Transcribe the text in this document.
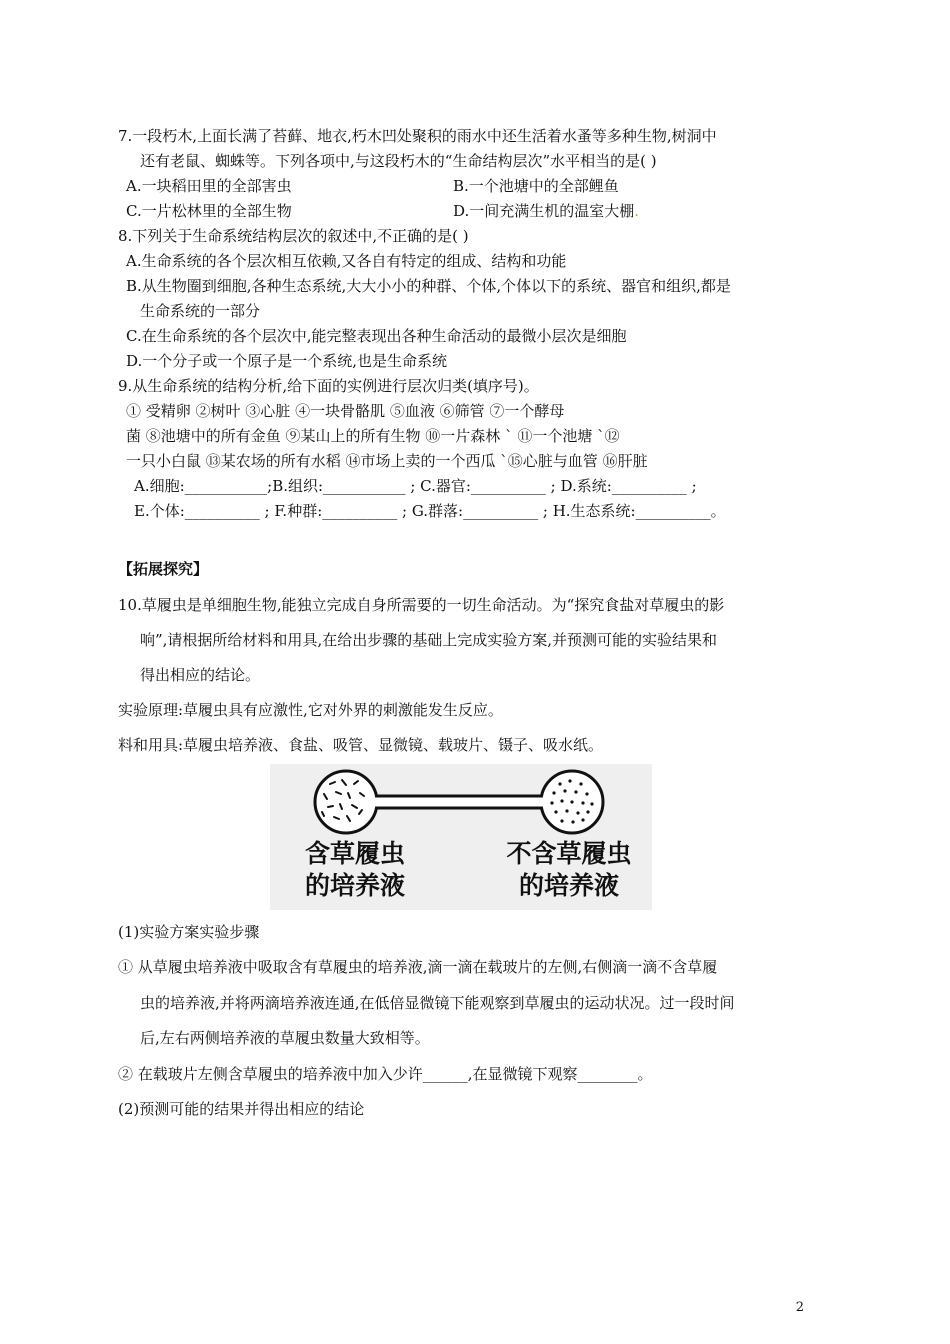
7.一段朽木,上面长满了苔藓、地衣,朽木凹处聚积的雨水中还生活着水蚤等多种生物,树洞中
还有老鼠、蜘蛛等。下列各项中,与这段朽木的“生命结构层次”水平相当的是( )
A.一块稻田里的全部害虫	B.一个池塘中的全部鲤鱼
C.一片松林里的全部生物	D.一间充满生机的温室大棚.
8.下列关于生命系统结构层次的叙述中,不正确的是( )
A.生命系统的各个层次相互依赖,又各自有特定的组成、结构和功能
B.从生物圈到细胞,各种生态系统,大大小小的种群、个体,个体以下的系统、器官和组织,都是
生命系统的一部分
C.在生命系统的各个层次中,能完整表现出各种生命活动的最微小层次是细胞
D.一个分子或一个原子是一个系统,也是生命系统
9.从生命系统的结构分析,给下面的实例进行层次归类(填序号)。
① 受精卵 ②树叶 ③心脏 ④一块骨骼肌 ⑤血液 ⑥筛管 ⑦一个酵母
菌 ⑧池塘中的所有金鱼 ⑨某山上的所有生物 ⑩一片森林 ` ⑪一个池塘 `⑫
一只小白鼠 ⑬某农场的所有水稻 ⑭市场上卖的一个西瓜 `⑮心脏与血管 ⑯肝脏
A.细胞:___________;B.组织:___________ ; C.器官:__________ ; D.系统:__________ ;
E.个体:__________ ; F.种群:__________ ; G.群落:__________ ; H.生态系统:__________。
【拓展探究】
10.草履虫是单细胞生物,能独立完成自身所需要的一切生命活动。为“探究食盐对草履虫的影
响”,请根据所给材料和用具,在给出步骤的基础上完成实验方案,并预测可能的实验结果和
得出相应的结论。
实验原理:草履虫具有应激性,它对外界的刺激能发生反应。
料和用具:草履虫培养液、食盐、吸管、显微镜、载玻片、镊子、吸水纸。
含草履虫
的培养液
不含草履虫
的培养液
(1)实验方案实验步骤
① 从草履虫培养液中吸取含有草履虫的培养液,滴一滴在载玻片的左侧,右侧滴一滴不含草履
虫的培养液,并将两滴培养液连通,在低倍显微镜下能观察到草履虫的运动状况。过一段时间
后,左右两侧培养液的草履虫数量大致相等。
② 在载玻片左侧含草履虫的培养液中加入少许______,在显微镜下观察________。
(2)预测可能的结果并得出相应的结论
2
